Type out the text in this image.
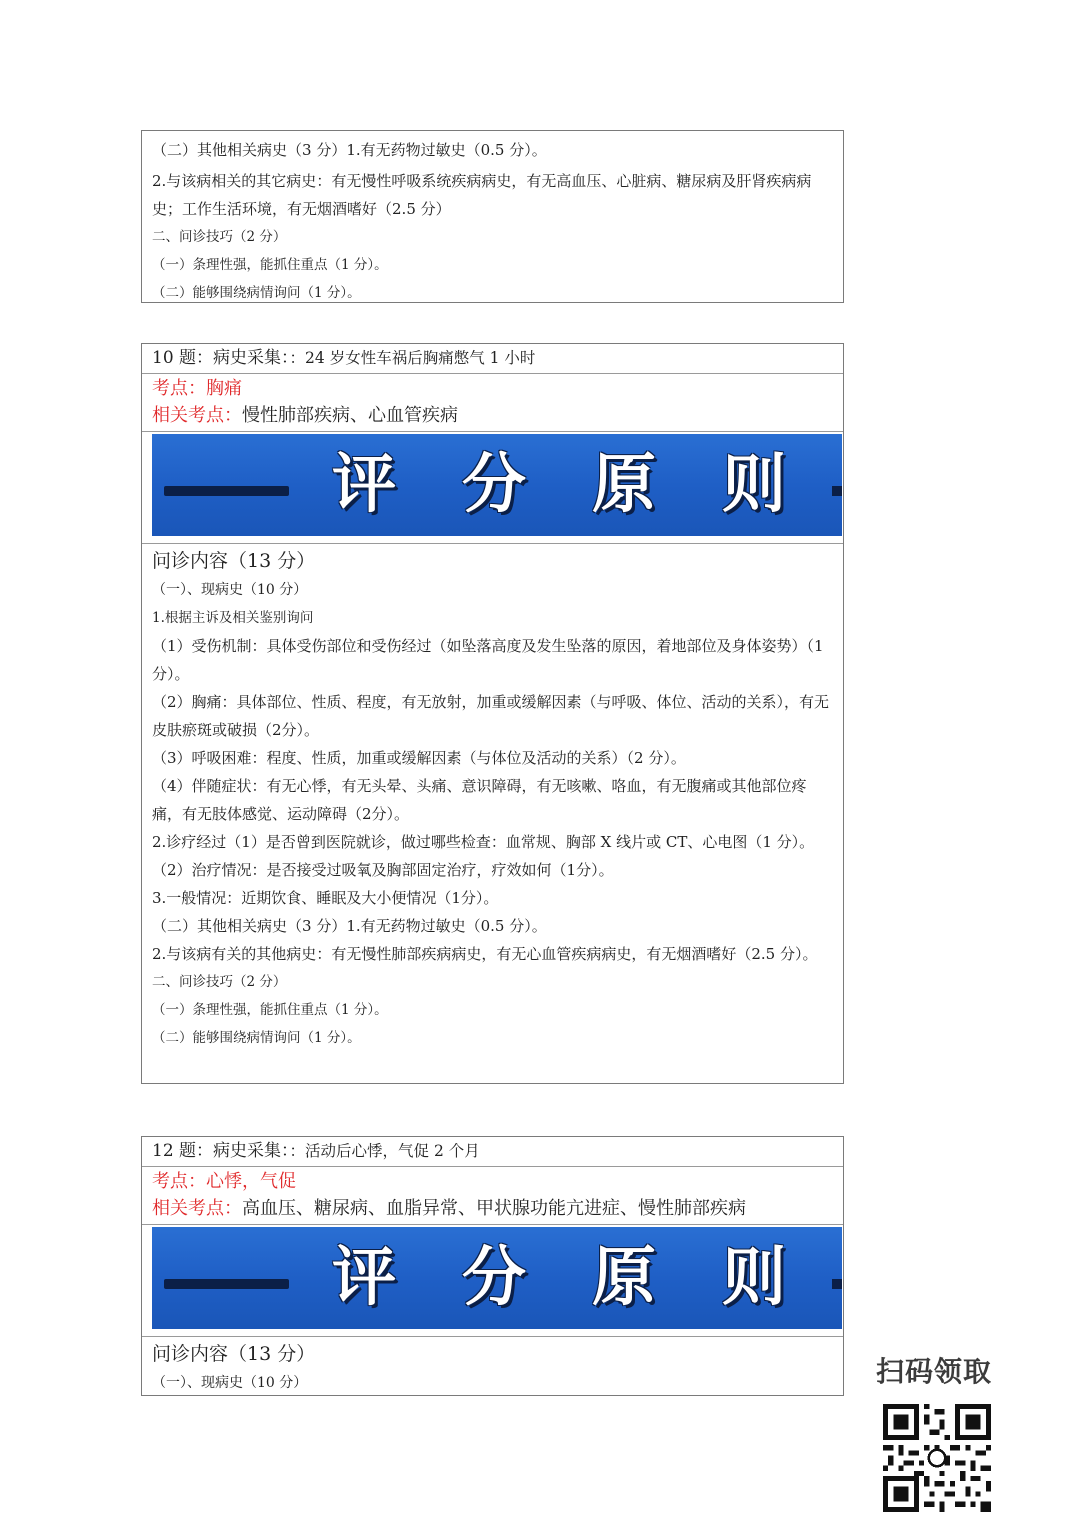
（二）其他相关病史（3 分）1.有无药物过敏史（0.5 分）。
2.与该病相关的其它病史：有无慢性呼吸系统疾病病史，有无高血压、心脏病、糖尿病及肝肾疾病病史；工作生活环境，有无烟酒嗜好（2.5 分）
二、问诊技巧（2 分）
（一）条理性强，能抓住重点（1 分）。
（二）能够围绕病情询问（1 分）。
10 题：病史采集：：24 岁女性车祸后胸痛憋气 1 小时
考点：胸痛
相关考点：慢性肺部疾病、心血管疾病
评 分 原 则
问诊内容（13 分）
（一）、现病史（10 分）
1.根据主诉及相关鉴别询问
（1）受伤机制：具体受伤部位和受伤经过（如坠落高度及发生坠落的原因，着地部位及身体姿势）（1 分）。
（2）胸痛：具体部位、性质、程度，有无放射，加重或缓解因素（与呼吸、体位、活动的关系），有无皮肤瘀斑或破损（2分）。
（3）呼吸困难：程度、性质，加重或缓解因素（与体位及活动的关系）（2 分）。
（4）伴随症状：有无心悸，有无头晕、头痛、意识障碍，有无咳嗽、咯血，有无腹痛或其他部位疼痛，有无肢体感觉、运动障碍（2分）。
2.诊疗经过（1）是否曾到医院就诊，做过哪些检查：血常规、胸部 X 线片或 CT、心电图（1 分）。
（2）治疗情况：是否接受过吸氧及胸部固定治疗，疗效如何（1分）。
3.一般情况：近期饮食、睡眠及大小便情况（1分）。
（二）其他相关病史（3 分）1.有无药物过敏史（0.5 分）。
2.与该病有关的其他病史：有无慢性肺部疾病病史，有无心血管疾病病史，有无烟酒嗜好（2.5 分）。
二、问诊技巧（2 分）
（一）条理性强，能抓住重点（1 分）。
（二）能够围绕病情询问（1 分）。
12 题：病史采集：：活动后心悸，气促 2 个月
考点：心悸，气促
相关考点：高血压、糖尿病、血脂异常、甲状腺功能亢进症、慢性肺部疾病
评 分 原 则
问诊内容（13 分）
（一）、现病史（10 分）	扫码领取
